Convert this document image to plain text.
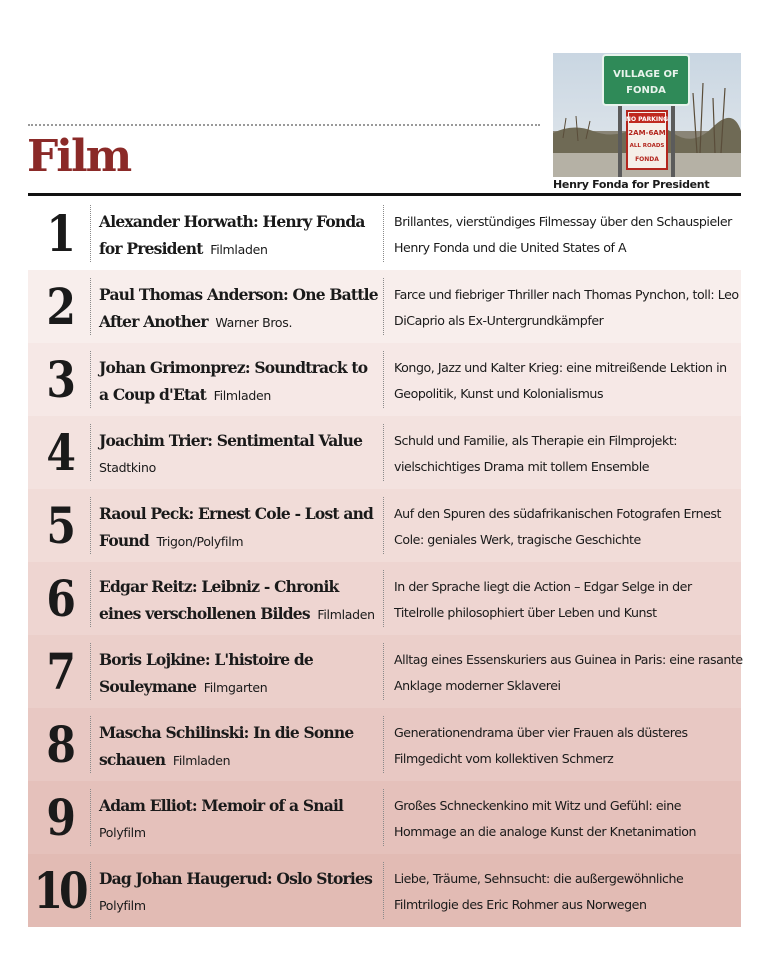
Film
VILLAGE OF
FONDA
NO PARKING
2AM-6AM
ALL ROADS
FONDA
Henry Fonda for President
1	Alexander Horwath: Henry Fonda for President Filmladen
Brillantes, vierstündiges Filmessay über den Schauspieler Henry Fonda und die United States of A
2	Paul Thomas Anderson: One Battle After Another Warner Bros.
Farce und fiebriger Thriller nach Thomas Pynchon, toll: Leo DiCaprio als Ex-Untergrundkämpfer
3	Johan Grimonprez: Soundtrack to a Coup d'Etat Filmladen
Kongo, Jazz und Kalter Krieg: eine mitreißende Lektion in Geopolitik, Kunst und Kolonialismus
4	Joachim Trier: Sentimental Value
Stadtkino
Schuld und Familie, als Therapie ein Filmprojekt: vielschichtiges Drama mit tollem Ensemble
5	Raoul Peck: Ernest Cole - Lost and Found Trigon/Polyfilm
Auf den Spuren des südafrikanischen Fotografen Ernest Cole: geniales Werk, tragische Geschichte
6	Edgar Reitz: Leibniz - Chronik eines verschollenen Bildes Filmladen
In der Sprache liegt die Action – Edgar Selge in der Titelrolle philosophiert über Leben und Kunst
7	Boris Lojkine: L'histoire de Souleymane Filmgarten
Alltag eines Essenskuriers aus Guinea in Paris: eine rasante Anklage moderner Sklaverei
8	Mascha Schilinski: In die Sonne schauen Filmladen
Generationendrama über vier Frauen als düsteres Filmgedicht vom kollektiven Schmerz
9	Adam Elliot: Memoir of a Snail
Polyfilm
Großes Schneckenkino mit Witz und Gefühl: eine Hommage an die analoge Kunst der Knetanimation
10 Dag Johan Haugerud: Oslo Stories
Polyfilm
Liebe, Träume, Sehnsucht: die außergewöhnliche Filmtrilogie des Eric Rohmer aus Norwegen
